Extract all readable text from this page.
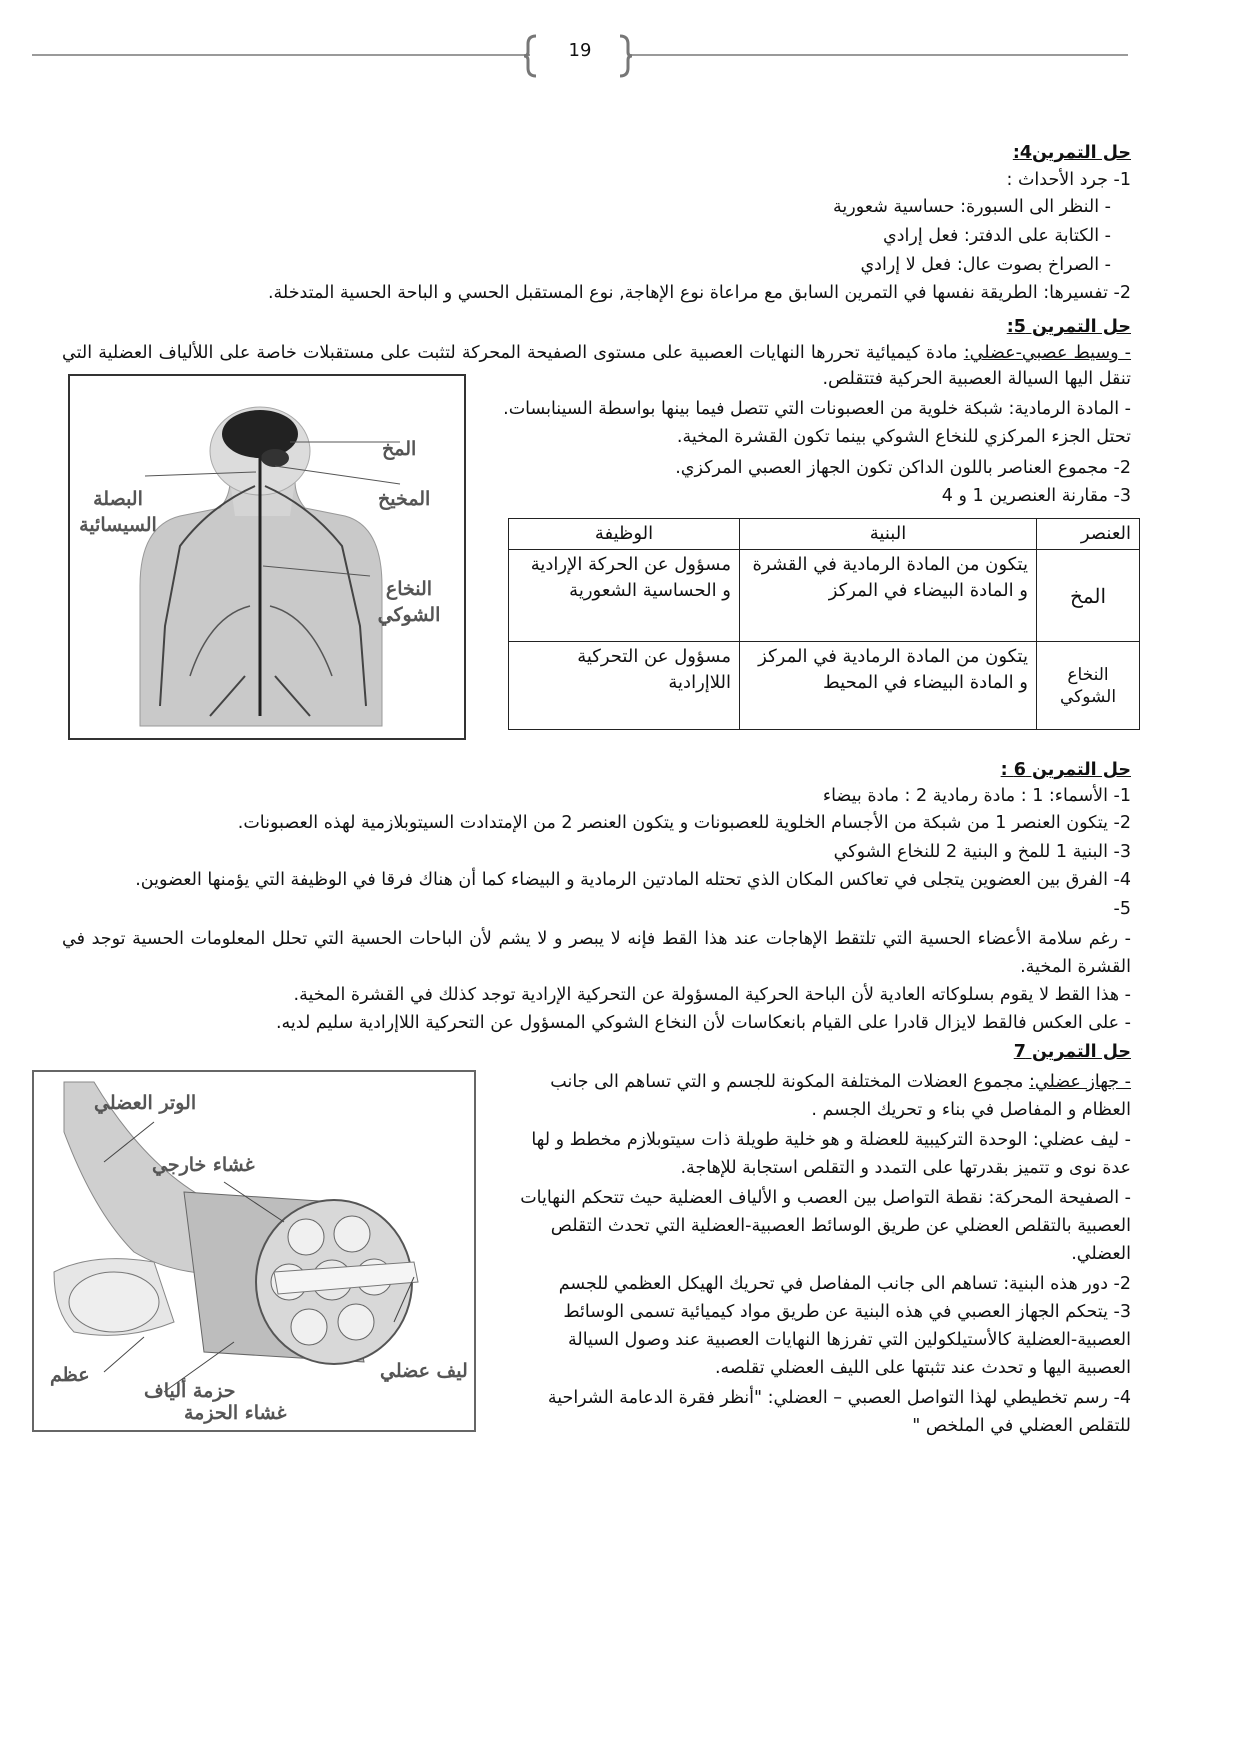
19
حل التمرين4:
1- جرد الأحداث :
- النظر الى السبورة: حساسية شعورية
- الكتابة على الدفتر: فعل إرادي
- الصراخ بصوت عال: فعل لا إرادي
2- تفسيرها: الطريقة نفسها في التمرين السابق مع مراعاة نوع الإهاجة, نوع المستقبل الحسي و الباحة الحسية المتدخلة.
حل التمرين 5:
- وسيط عصبي-عضلي: مادة كيميائية تحررها النهايات العصبية على مستوى الصفيحة المحركة لتثبت على مستقبلات خاصة على اللألياف العضلية التي تنقل اليها السيالة العصبية الحركية فتتقلص.
- المادة الرمادية: شبكة خلوية من العصبونات التي تتصل فيما بينها بواسطة السينابسات. تحتل الجزء المركزي للنخاع الشوكي بينما تكون القشرة المخية.
2- مجموع العناصر باللون الداكن تكون الجهاز العصبي المركزي.
3- مقارنة العنصرين 1 و 4
المخ
المخيخ
البصلة السيسائية
النخاع الشوكي
العنصر	البنية	الوظيفة
المخ	يتكون من المادة الرمادية في القشرة و المادة البيضاء في المركز	مسؤول عن الحركة الإرادية و الحساسية الشعورية
النخاع الشوكي	يتكون من المادة الرمادية في المركز و المادة البيضاء في المحيط	مسؤول عن التحركية اللاإرادية
حل التمرين 6 :
1- الأسماء: 1 : مادة رمادية 2 : مادة بيضاء
2- يتكون العنصر 1 من شبكة من الأجسام الخلوية للعصبونات و يتكون العنصر 2 من الإمتدادت السيتوبلازمية لهذه العصبونات.
3- البنية 1 للمخ و البنية 2 للنخاع الشوكي
4- الفرق بين العضوين يتجلى في تعاكس المكان الذي تحتله المادتين الرمادية و البيضاء كما أن هناك فرقا في الوظيفة التي يؤمنها العضوين.
5-
- رغم سلامة الأعضاء الحسية التي تلتقط الإهاجات عند هذا القط فإنه لا يبصر و لا يشم لأن الباحات الحسية التي تحلل المعلومات الحسية توجد في القشرة المخية.
- هذا القط لا يقوم بسلوكاته العادية لأن الباحة الحركية المسؤولة عن التحركية الإرادية توجد كذلك في القشرة المخية.
- على العكس فالقط لايزال قادرا على القيام بانعكاسات لأن النخاع الشوكي المسؤول عن التحركية اللاإرادية سليم لديه.
حل التمرين 7
- جهاز عضلي: مجموع العضلات المختلفة المكونة للجسم و التي تساهم الى جانب العظام و المفاصل في بناء و تحريك الجسم .
- ليف عضلي: الوحدة التركيبية للعضلة و هو خلية طويلة ذات سيتوبلازم مخطط و لها عدة نوى و تتميز بقدرتها على التمدد و التقلص استجابة للإهاجة.
- الصفيحة المحركة: نقطة التواصل بين العصب و الألياف العضلية حيث تتحكم النهايات العصبية بالتقلص العضلي عن طريق الوسائط العصبية-العضلية التي تحدث التقلص العضلي.
2- دور هذه البنية: تساهم الى جانب المفاصل في تحريك الهيكل العظمي للجسم
3- يتحكم الجهاز العصبي في هذه البنية عن طريق مواد كيميائية تسمى الوسائط العصبية-العضلية كالأستيلكولين التي تفرزها النهايات العصبية عند وصول السيالة العصبية اليها و تحدث عند تثبتها على الليف العضلي تقلصه.
4- رسم تخطيطي لهذا التواصل العصبي – العضلي: "أنظر فقرة الدعامة الشراحية للتقلص العضلي في الملخص "
الوتر العضلي
غشاء خارجي
عظم	ليف عضلي
حزمة ألياف
غشاء الحزمة
